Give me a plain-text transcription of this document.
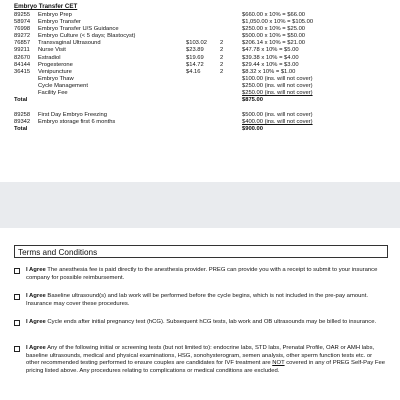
Embryo Transfer CET
89255	Embryo Prep			$660.00 x 10% = $66.00
58974	Embryo Transfer			$1,050.00 x 10% = $105.00
76998	Embryo Transfer U/S Guidance			$250.00 x 10% = $25.00
89272	Embryo Culture (< 5 days; Blastocyst)			$500.00 x 10% = $50.00
76857	Transvaginal Ultrasound	$103.02	2	$206.14 x 10% = $21.00
99211	Nurse Visit	$23.89	2	$47.78 x 10% = $5.00
82670	Estradiol	$19.69	2	$39.38 x 10% = $4.00
84144	Progesterone	$14.72	2	$29.44 x 10% = $3.00
36415	Venipuncture	$4.16	2	$8.32 x 10% = $1.00
	Embryo Thaw			$100.00 (ins. will not cover)
	Cycle Management			$250.00 (ins. will not cover)
	Facility Fee			$250.00 (ins. will not cover)
Total				$875.00

89258	First Day Embryo Freezing			$500.00 (ins. will not cover)
89342	Embryo storage first 6 months			$400.00 (ins. will not cover)
Total				$900.00
Terms and Conditions
I Agree The anesthesia fee is paid directly to the anesthesia provider. PREG can provide you with a receipt to submit to your insurance company for possible reimbursement.
I Agree Baseline ultrasound(s) and lab work will be performed before the cycle begins, which is not included in the pre-pay amount. Insurance may cover these procedures.
I Agree Cycle ends after initial pregnancy test (hCG). Subsequent hCG tests, lab work and OB ultrasounds may be billed to insurance.
I Agree Any of the following initial or screening tests (but not limited to): endocrine labs, STD labs, Prenatal Profile, OAR or AMH labs, baseline ultrasounds, medical and physical examinations, HSG, sonohysterogram, semen analysis, other sperm function tests etc. or other recommended testing performed to ensure couples are candidates for IVF treatment are NOT covered in any of PREG Self-Pay Fee pricing listed above. Any procedures relating to complications or medical conditions are excluded.
